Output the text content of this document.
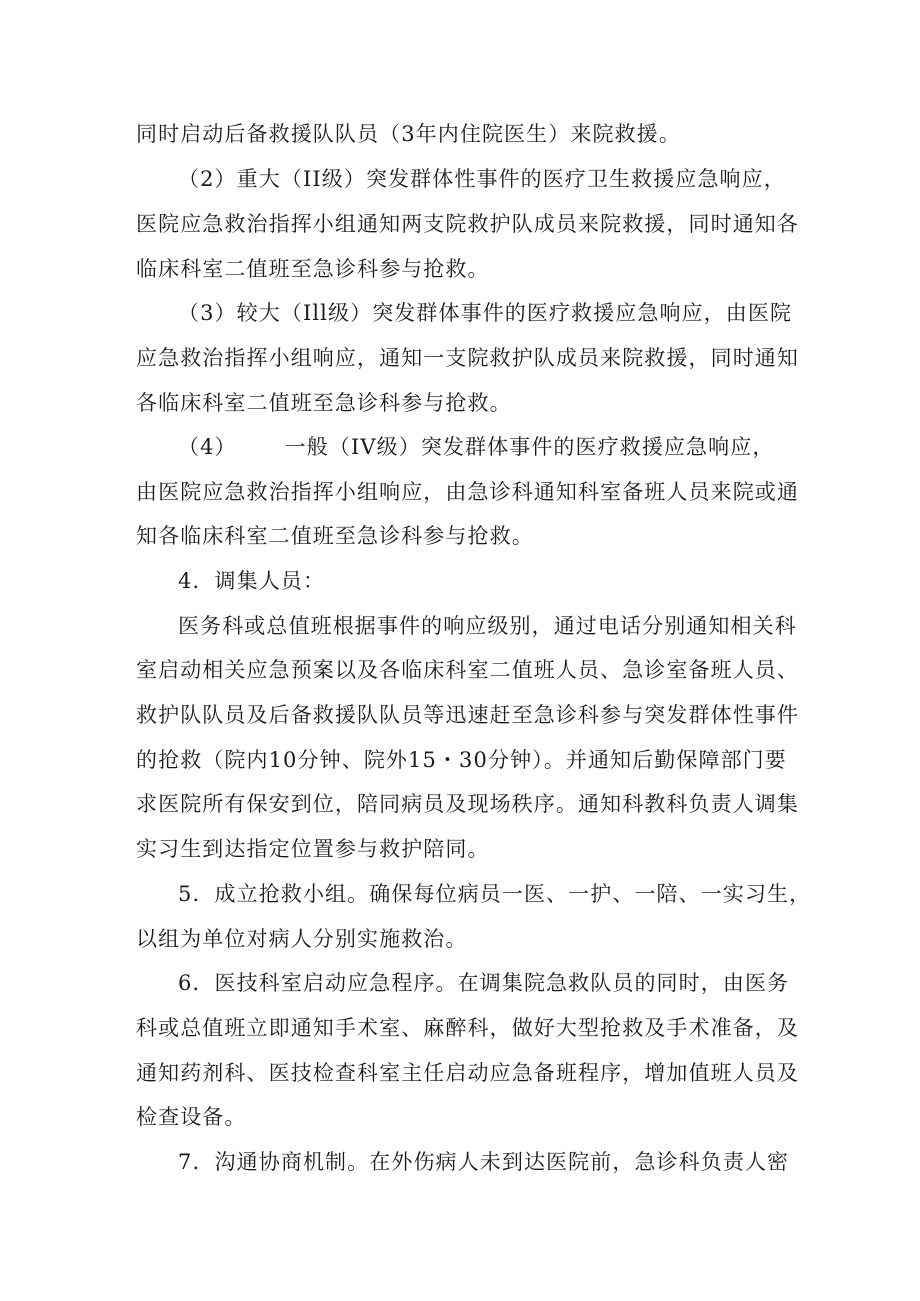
同时启动后备救援队队员（3年内住院医生）来院救援。
（2）重大（II级）突发群体性事件的医疗卫生救援应急响应，
医院应急救治指挥小组通知两支院救护队成员来院救援，同时通知各
临床科室二值班至急诊科参与抢救。
（3）较大（Ill级）突发群体事件的医疗救援应急响应，由医院
应急救治指挥小组响应，通知一支院救护队成员来院救援，同时通知
各临床科室二值班至急诊科参与抢救。
（4） 一般（IV级）突发群体事件的医疗救援应急响应，
由医院应急救治指挥小组响应，由急诊科通知科室备班人员来院或通
知各临床科室二值班至急诊科参与抢救。
4．调集人员：
医务科或总值班根据事件的响应级别，通过电话分别通知相关科
室启动相关应急预案以及各临床科室二值班人员、急诊室备班人员、
救护队队员及后备救援队队员等迅速赶至急诊科参与突发群体性事件
的抢救（院内10分钟、院外15・30分钟）。并通知后勤保障部门要
求医院所有保安到位，陪同病员及现场秩序。通知科教科负责人调集
实习生到达指定位置参与救护陪同。
5．成立抢救小组。确保每位病员一医、一护、一陪、一实习生，
以组为单位对病人分别实施救治。
6．医技科室启动应急程序。在调集院急救队员的同时，由医务
科或总值班立即通知手术室、麻醉科，做好大型抢救及手术准备，及
通知药剂科、医技检查科室主任启动应急备班程序，增加值班人员及
检查设备。
7．沟通协商机制。在外伤病人未到达医院前，急诊科负责人密
